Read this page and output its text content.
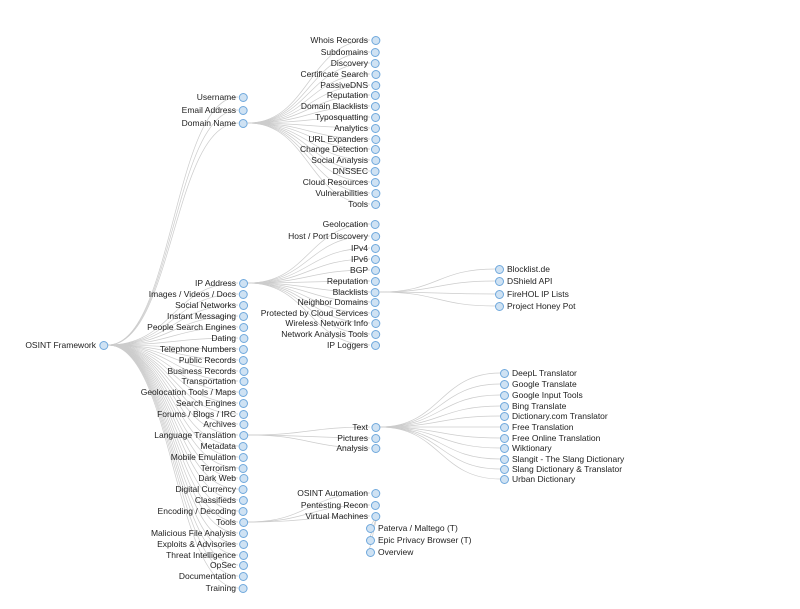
OSINT Framework
Username
Email Address
Domain Name
Whois Records
Subdomains
Discovery
Certificate Search
PassiveDNS
Reputation
Domain Blacklists
Typosquatting
Analytics
URL Expanders
Change Detection
Social Analysis
DNSSEC
Cloud Resources
Vulnerabilities
Tools
IP Address
Geolocation
Host / Port Discovery
IPv4
IPv6
BGP
Reputation
Blacklists
Neighbor Domains
Protected by Cloud Services
Wireless Network Info
Network Analysis Tools
IP Loggers
Blocklist.de
DShield API
FireHOL IP Lists
Project Honey Pot
Images / Videos / Docs
Social Networks
Instant Messaging
People Search Engines
Dating
Telephone Numbers
Public Records
Business Records
Transportation
Geolocation Tools / Maps
Search Engines
Forums / Blogs / IRC
Archives
Language Translation
Metadata
Mobile Emulation
Terrorism
Dark Web
Digital Currency
Classifieds
Encoding / Decoding
Tools
Malicious File Analysis
Exploits & Advisories
Threat Intelligence
OpSec
Documentation
Training
Text
Pictures
Analysis
DeepL Translator
Google Translate
Google Input Tools
Bing Translate
Dictionary.com Translator
Free Translation
Free Online Translation
Wiktionary
Slangit - The Slang Dictionary
Slang Dictionary & Translator
Urban Dictionary
OSINT Automation
Pentesting Recon
Virtual Machines
Paterva / Maltego (T)
Epic Privacy Browser (T)
Overview
